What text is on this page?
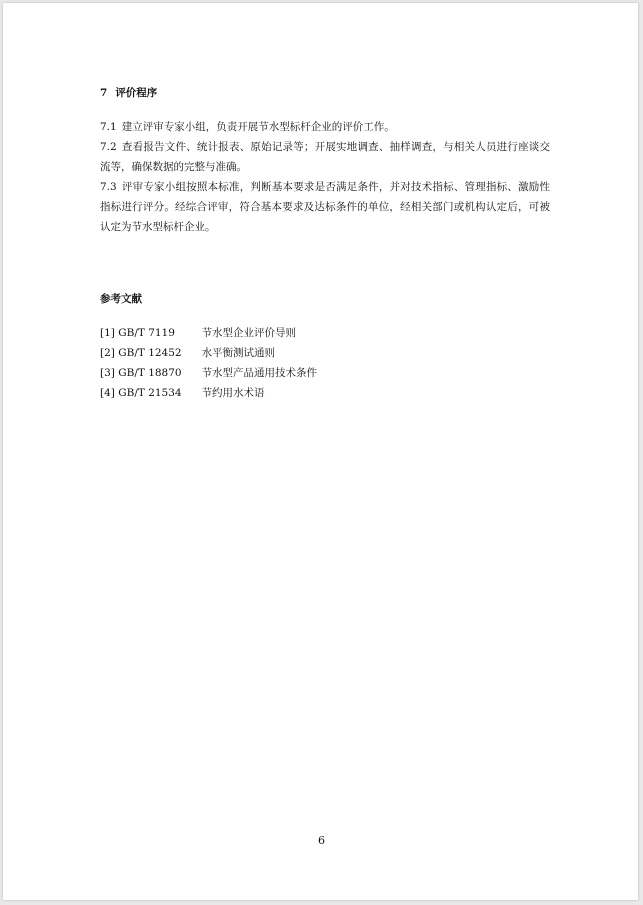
7 评价程序

7.1 建立评审专家小组，负责开展节水型标杆企业的评价工作。

7.2 查看报告文件、统计报表、原始记录等；开展实地调查、抽样调查，与相关人员进行座谈交流等，确保数据的完整与准确。

7.3 评审专家小组按照本标准，判断基本要求是否满足条件，并对技术指标、管理指标、激励性指标进行评分。经综合评审，符合基本要求及达标条件的单位，经相关部门或机构认定后，可被认定为节水型标杆企业。

参考文献

[1] GB/T 7119	节水型企业评价导则

[2] GB/T 12452 水平衡测试通则

[3] GB/T 18870 节水型产品通用技术条件

[4] GB/T 21534 节约用水术语

6
